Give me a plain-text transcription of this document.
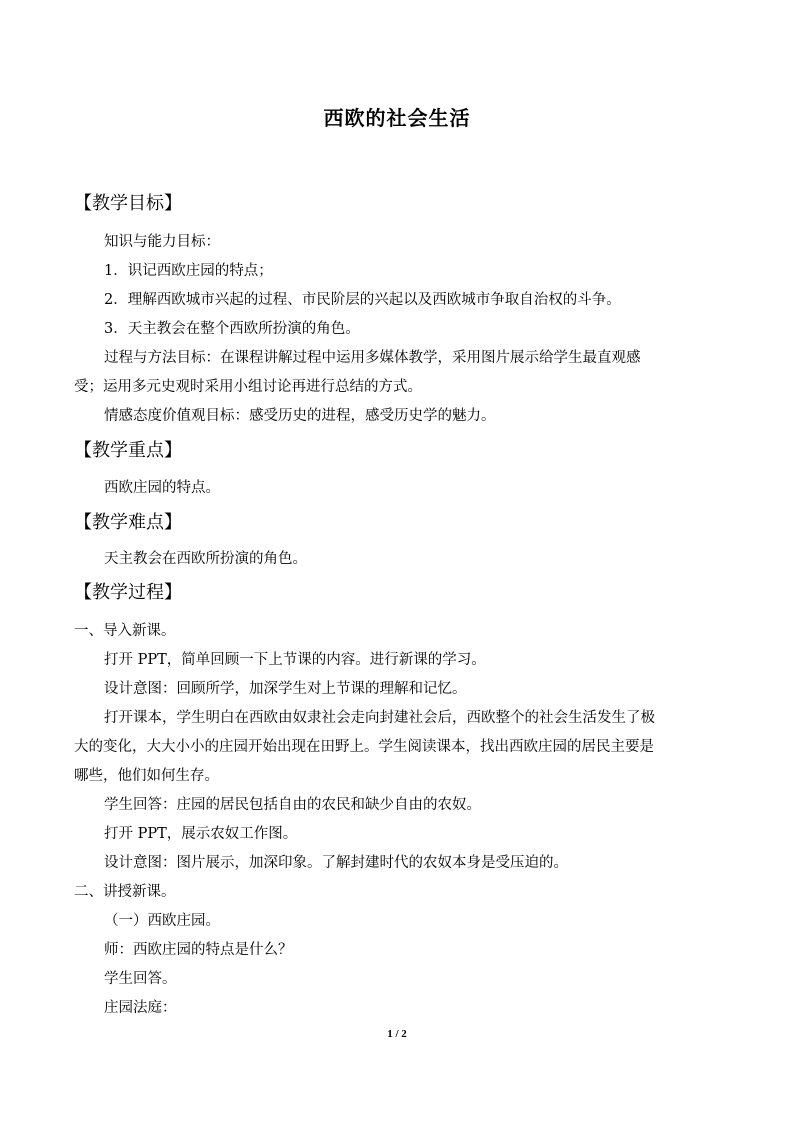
西欧的社会生活
【教学目标】
知识与能力目标：
1．识记西欧庄园的特点；
2．理解西欧城市兴起的过程、市民阶层的兴起以及西欧城市争取自治权的斗争。
3．天主教会在整个西欧所扮演的角色。
过程与方法目标：在课程讲解过程中运用多媒体教学，采用图片展示给学生最直观感
受；运用多元史观时采用小组讨论再进行总结的方式。
情感态度价值观目标：感受历史的进程，感受历史学的魅力。
【教学重点】
西欧庄园的特点。
【教学难点】
天主教会在西欧所扮演的角色。
【教学过程】
一、导入新课。
打开 PPT，简单回顾一下上节课的内容。进行新课的学习。
设计意图：回顾所学，加深学生对上节课的理解和记忆。
打开课本，学生明白在西欧由奴隶社会走向封建社会后，西欧整个的社会生活发生了极
大的变化，大大小小的庄园开始出现在田野上。学生阅读课本，找出西欧庄园的居民主要是
哪些，他们如何生存。
学生回答：庄园的居民包括自由的农民和缺少自由的农奴。
打开 PPT，展示农奴工作图。
设计意图：图片展示，加深印象。了解封建时代的农奴本身是受压迫的。
二、讲授新课。
（一）西欧庄园。
师：西欧庄园的特点是什么？
学生回答。
庄园法庭：
1 / 2
